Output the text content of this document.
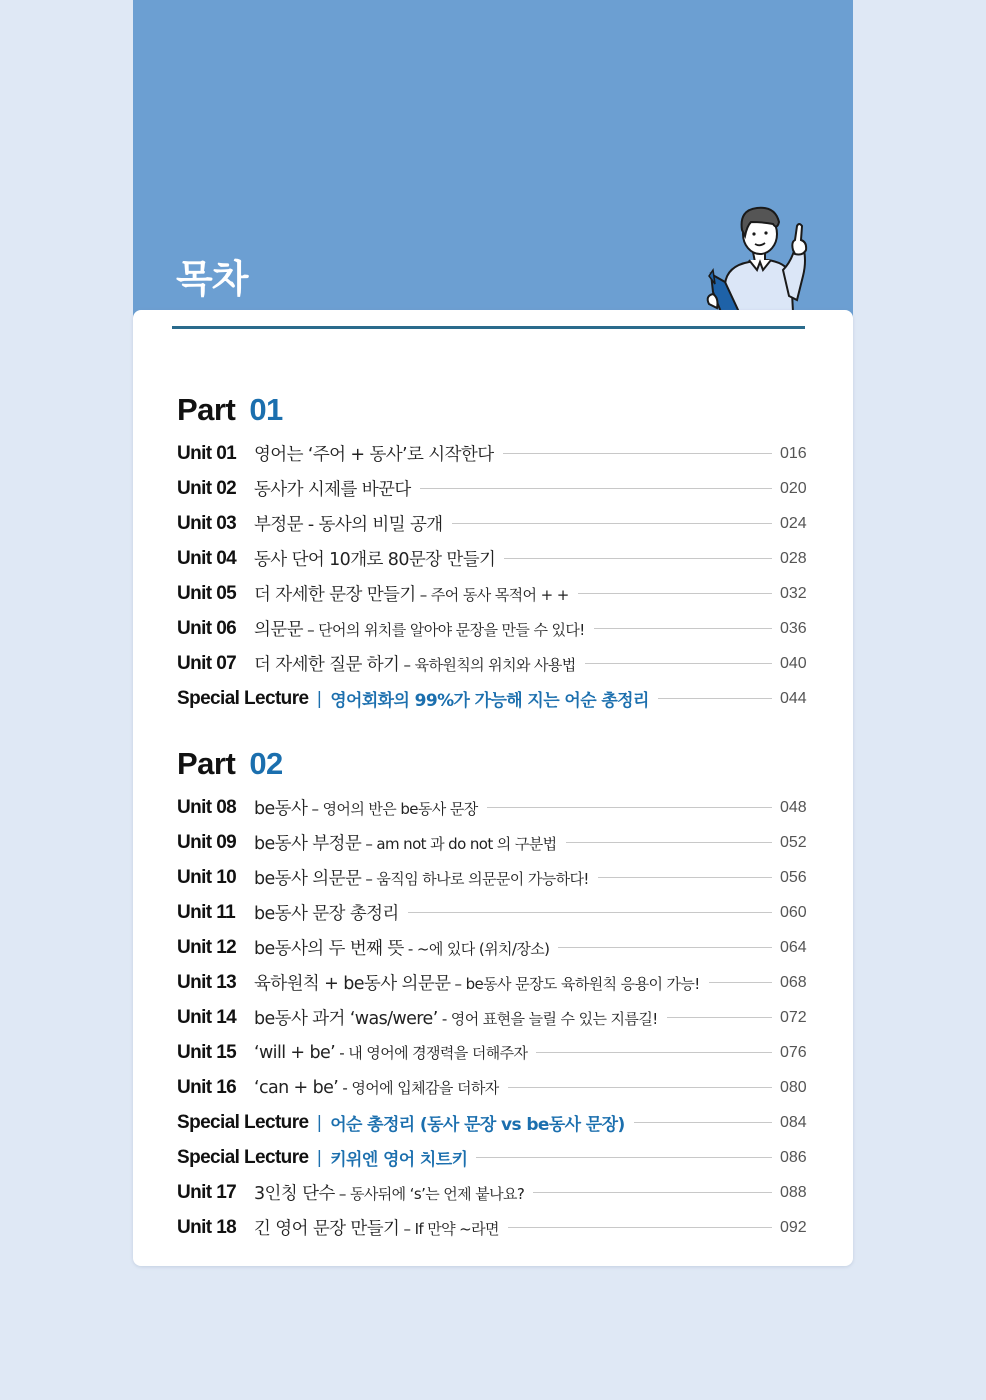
목차
Part 01
Unit 01	영어는 ‘주어 + 동사’로 시작한다	016
Unit 02	동사가 시제를 바꾼다	020
Unit 03	부정문 - 동사의 비밀 공개	024
Unit 04	동사 단어 10개로 80문장 만들기	028
Unit 05	더 자세한 문장 만들기 – 주어 동사 목적어 + +	032
Unit 06	의문문 – 단어의 위치를 알아야 문장을 만들 수 있다!	036
Unit 07	더 자세한 질문 하기 – 육하원칙의 위치와 사용법	040
Special Lecture | 영어회화의 99%가 가능해 지는 어순 총정리	044
Part 02
Unit 08	be동사 – 영어의 반은 be동사 문장	048
Unit 09	be동사 부정문 – am not 과 do not 의 구분법	052
Unit 10	be동사 의문문 – 움직임 하나로 의문문이 가능하다!	056
Unit 11	be동사 문장 총정리	060
Unit 12	be동사의 두 번째 뜻 - ~에 있다 (위치/장소)	064
Unit 13	육하원칙 + be동사 의문문 – be동사 문장도 육하원칙 응용이 가능!	068
Unit 14	be동사 과거 ‘was/were’ - 영어 표현을 늘릴 수 있는 지름길!	072
Unit 15	‘will + be’ - 내 영어에 경쟁력을 더해주자	076
Unit 16	‘can + be’ - 영어에 입체감을 더하자	080
Special Lecture | 어순 총정리 (동사 문장 vs be동사 문장)	084
Special Lecture | 키위엔 영어 치트키	086
Unit 17	3인칭 단수 – 동사뒤에 ‘s’는 언제 붙나요?	088
Unit 18	긴 영어 문장 만들기 – If 만약 ~라면	092
